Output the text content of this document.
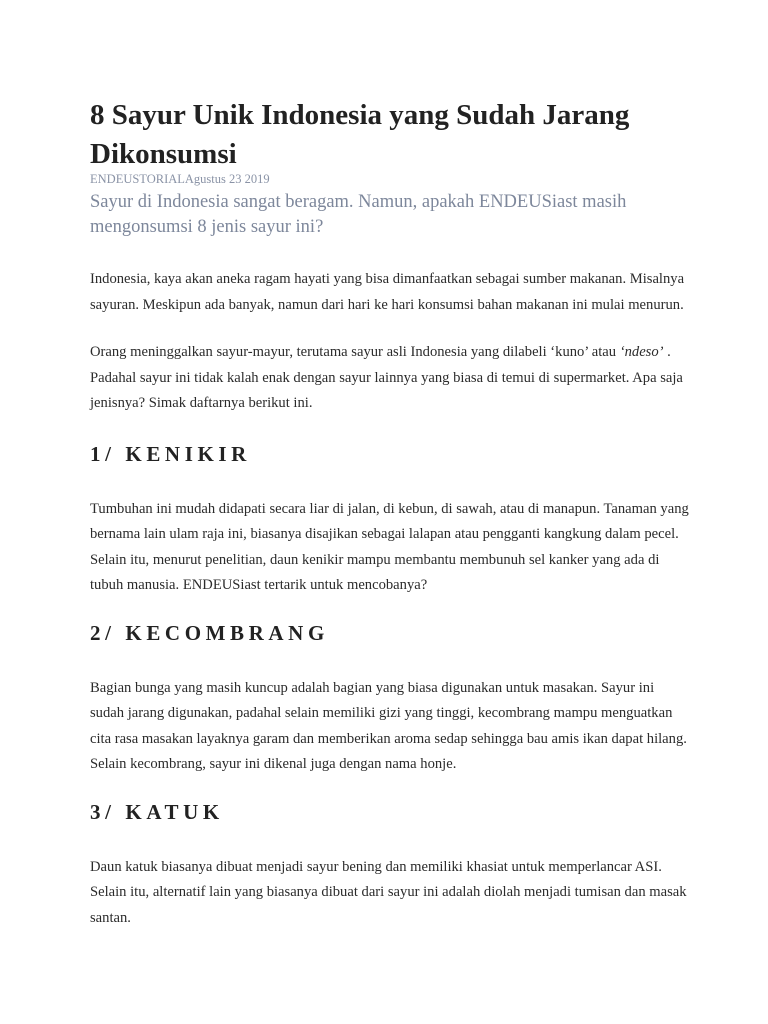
8 Sayur Unik Indonesia yang Sudah Jarang Dikonsumsi
ENDEUSTORIALAgustus 23 2019
Sayur di Indonesia sangat beragam. Namun, apakah ENDEUSiast masih mengonsumsi 8 jenis sayur ini?

Indonesia, kaya akan aneka ragam hayati yang bisa dimanfaatkan sebagai sumber makanan. Misalnya sayuran. Meskipun ada banyak, namun dari hari ke hari konsumsi bahan makanan ini mulai menurun.

Orang meninggalkan sayur-mayur, terutama sayur asli Indonesia yang dilabeli ‘kuno’ atau ‘ndeso’ . Padahal sayur ini tidak kalah enak dengan sayur lainnya yang biasa di temui di supermarket. Apa saja jenisnya? Simak daftarnya berikut ini.

1/ KENIKIR

Tumbuhan ini mudah didapati secara liar di jalan, di kebun, di sawah, atau di manapun. Tanaman yang bernama lain ulam raja ini, biasanya disajikan sebagai lalapan atau pengganti kangkung dalam pecel. Selain itu, menurut penelitian, daun kenikir mampu membantu membunuh sel kanker yang ada di tubuh manusia. ENDEUSiast tertarik untuk mencobanya?

2/ KECOMBRANG

Bagian bunga yang masih kuncup adalah bagian yang biasa digunakan untuk masakan. Sayur ini sudah jarang digunakan, padahal selain memiliki gizi yang tinggi, kecombrang mampu menguatkan cita rasa masakan layaknya garam dan memberikan aroma sedap sehingga bau amis ikan dapat hilang. Selain kecombrang, sayur ini dikenal juga dengan nama honje.

3/ KATUK

Daun katuk biasanya dibuat menjadi sayur bening dan memiliki khasiat untuk memperlancar ASI. Selain itu, alternatif lain yang biasanya dibuat dari sayur ini adalah diolah menjadi tumisan dan masak santan.
